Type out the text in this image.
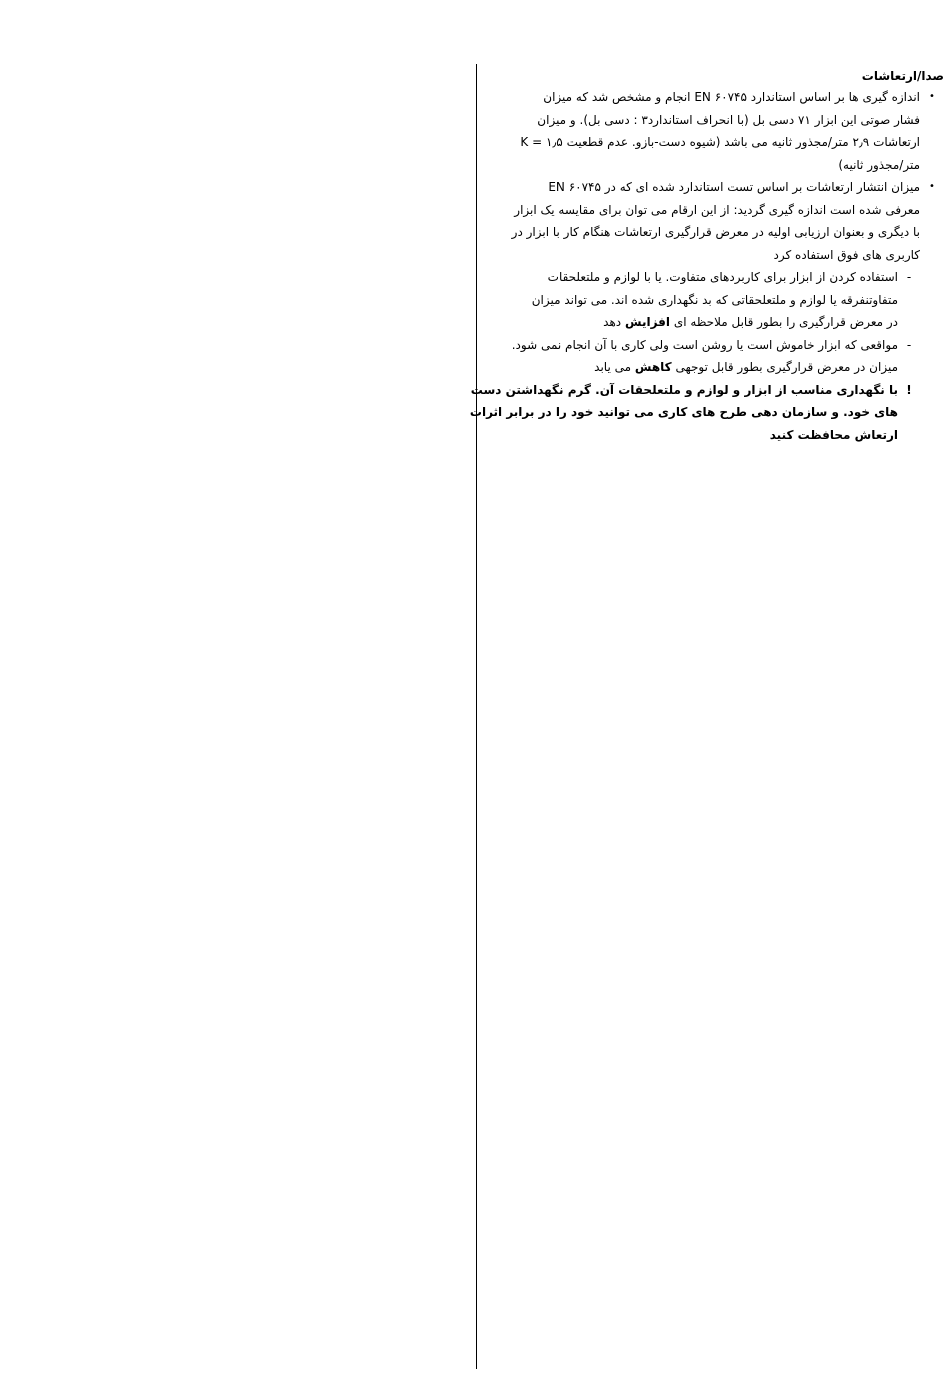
صدا/ارتعاشات

•
اندازه گیری ها بر اساس استاندارد EN ۶۰۷۴۵ انجام و مشخص شد که میزان
فشار صوتی این ابزار ۷۱ دسی بل (با انحراف استاندارد۳ : دسی بل). و میزان
ارتعاشات ۲٫۹ متر/مجذور ثانیه می باشد (شیوه دست-بازو. عدم قطعیت K = ۱٫۵
متر/مجذور ثانیه)
•
میزان انتشار ارتعاشات بر اساس تست استاندارد شده ای که در EN ۶۰۷۴۵
معرفی شده است اندازه گیری گردید: از این ارقام می توان برای مقایسه یک ابزار
با دیگری و بعنوان ارزیابی اولیه در معرض قرارگیری ارتعاشات هنگام کار با ابزار در
کاربری های فوق استفاده کرد
-
استفاده کردن از ابزار برای کاربردهای متفاوت. یا با لوازم و ملتعلحقات
متفاوتنفرقه یا لوازم و ملتعلحقاتی که بد نگهداری شده اند. می تواند میزان
در معرض قرارگیری را بطور قابل ملاحظه ای افزایش دهد
-
مواقعی که ابزار خاموش است یا روشن است ولی کاری با آن انجام نمی شود.
میزان در معرض قرارگیری بطور قابل توجهی کاهش می یابد
!
با نگهداری مناسب از ابزار و لوازم و ملتعلحقات آن. گرم نگهداشتن دست
های خود. و سازمان دهی طرح های کاری می توانید خود را در برابر اثرات
ارتعاش محافظت کنید
